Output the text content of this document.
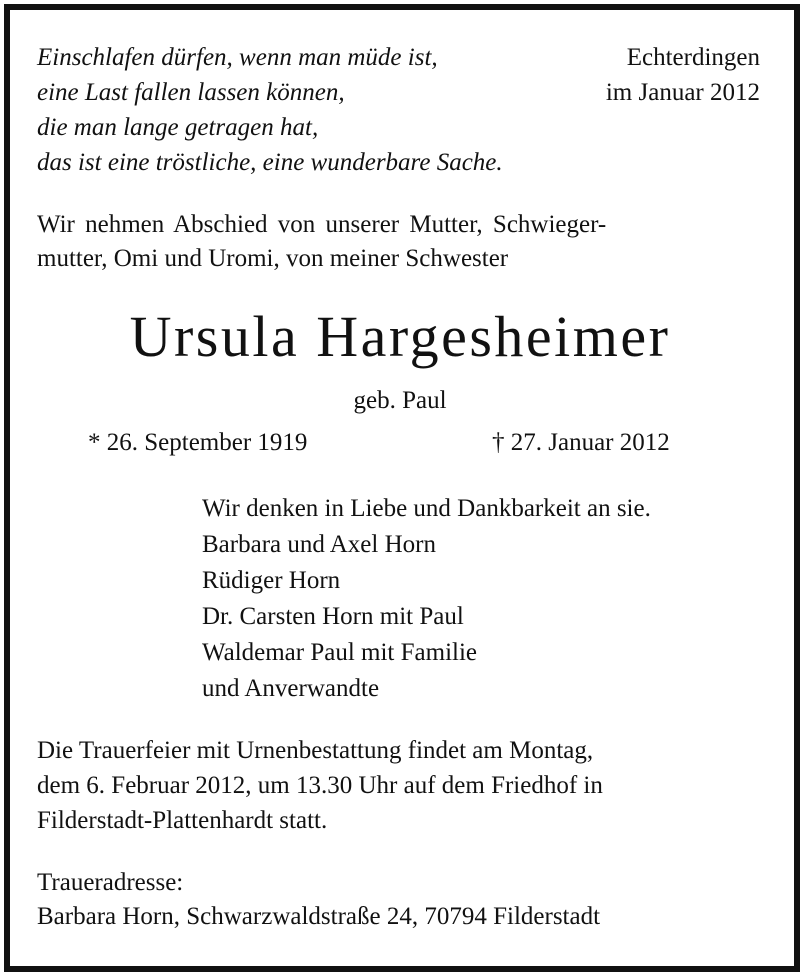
Einschlafen dürfen, wenn man müde ist,
eine Last fallen lassen können,
die man lange getragen hat,
das ist eine tröstliche, eine wunderbare Sache.
Echterdingen
im Januar 2012
Wir nehmen Abschied von unserer Mutter, Schwieger-
mutter, Omi und Uromi, von meiner Schwester
Ursula Hargesheimer
geb. Paul
* 26. September 1919	† 27. Januar 2012
Wir denken in Liebe und Dankbarkeit an sie.
Barbara und Axel Horn
Rüdiger Horn
Dr. Carsten Horn mit Paul
Waldemar Paul mit Familie
und Anverwandte
Die Trauerfeier mit Urnenbestattung findet am Montag,
dem 6. Februar 2012, um 13.30 Uhr auf dem Friedhof in
Filderstadt-Plattenhardt statt.
Traueradresse:
Barbara Horn, Schwarzwaldstraße 24, 70794 Filderstadt
